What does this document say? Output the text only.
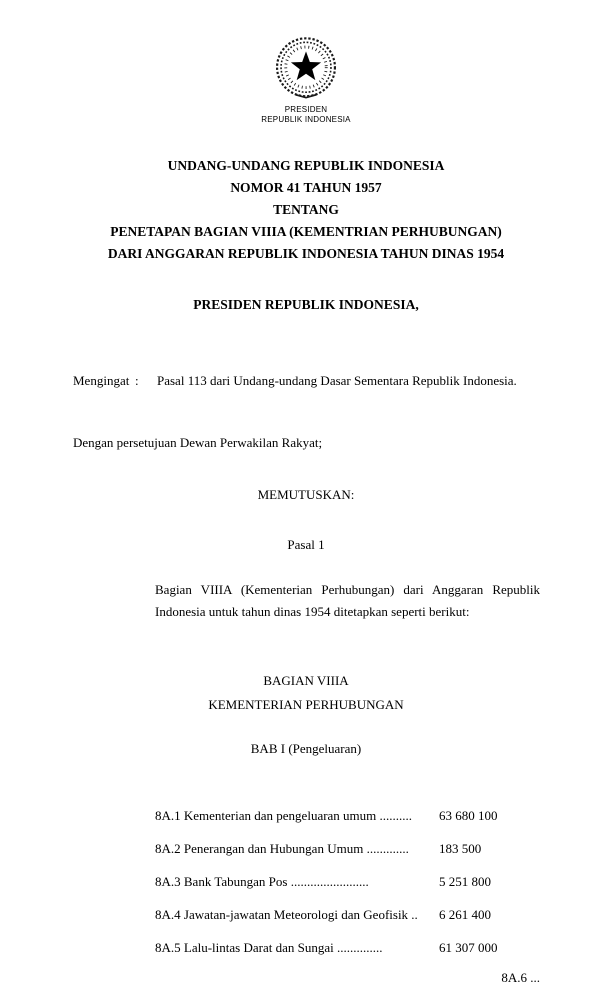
PRESIDEN
REPUBLIK INDONESIA
UNDANG-UNDANG REPUBLIK INDONESIA
NOMOR 41 TAHUN 1957
TENTANG
PENETAPAN BAGIAN VIIIA (KEMENTRIAN PERHUBUNGAN)
DARI ANGGARAN REPUBLIK INDONESIA TAHUN DINAS 1954
PRESIDEN REPUBLIK INDONESIA,
Mengingat :	Pasal 113 dari Undang-undang Dasar Sementara Republik Indonesia.
Dengan persetujuan Dewan Perwakilan Rakyat;
MEMUTUSKAN:
Pasal 1
Bagian VIIIA (Kementerian Perhubungan) dari Anggaran Republik Indonesia untuk tahun dinas 1954 ditetapkan seperti berikut:
BAGIAN VIIIA
KEMENTERIAN PERHUBUNGAN
BAB I (Pengeluaran)
8A.1 Kementerian dan pengeluaran umum ..........	63 680 100
8A.2 Penerangan dan Hubungan Umum .............	183 500
8A.3 Bank Tabungan Pos ........................	5 251 800
8A.4 Jawatan-jawatan Meteorologi dan Geofisik ..	6 261 400
8A.5 Lalu-lintas Darat dan Sungai ..............	61 307 000
8A.6 ...
